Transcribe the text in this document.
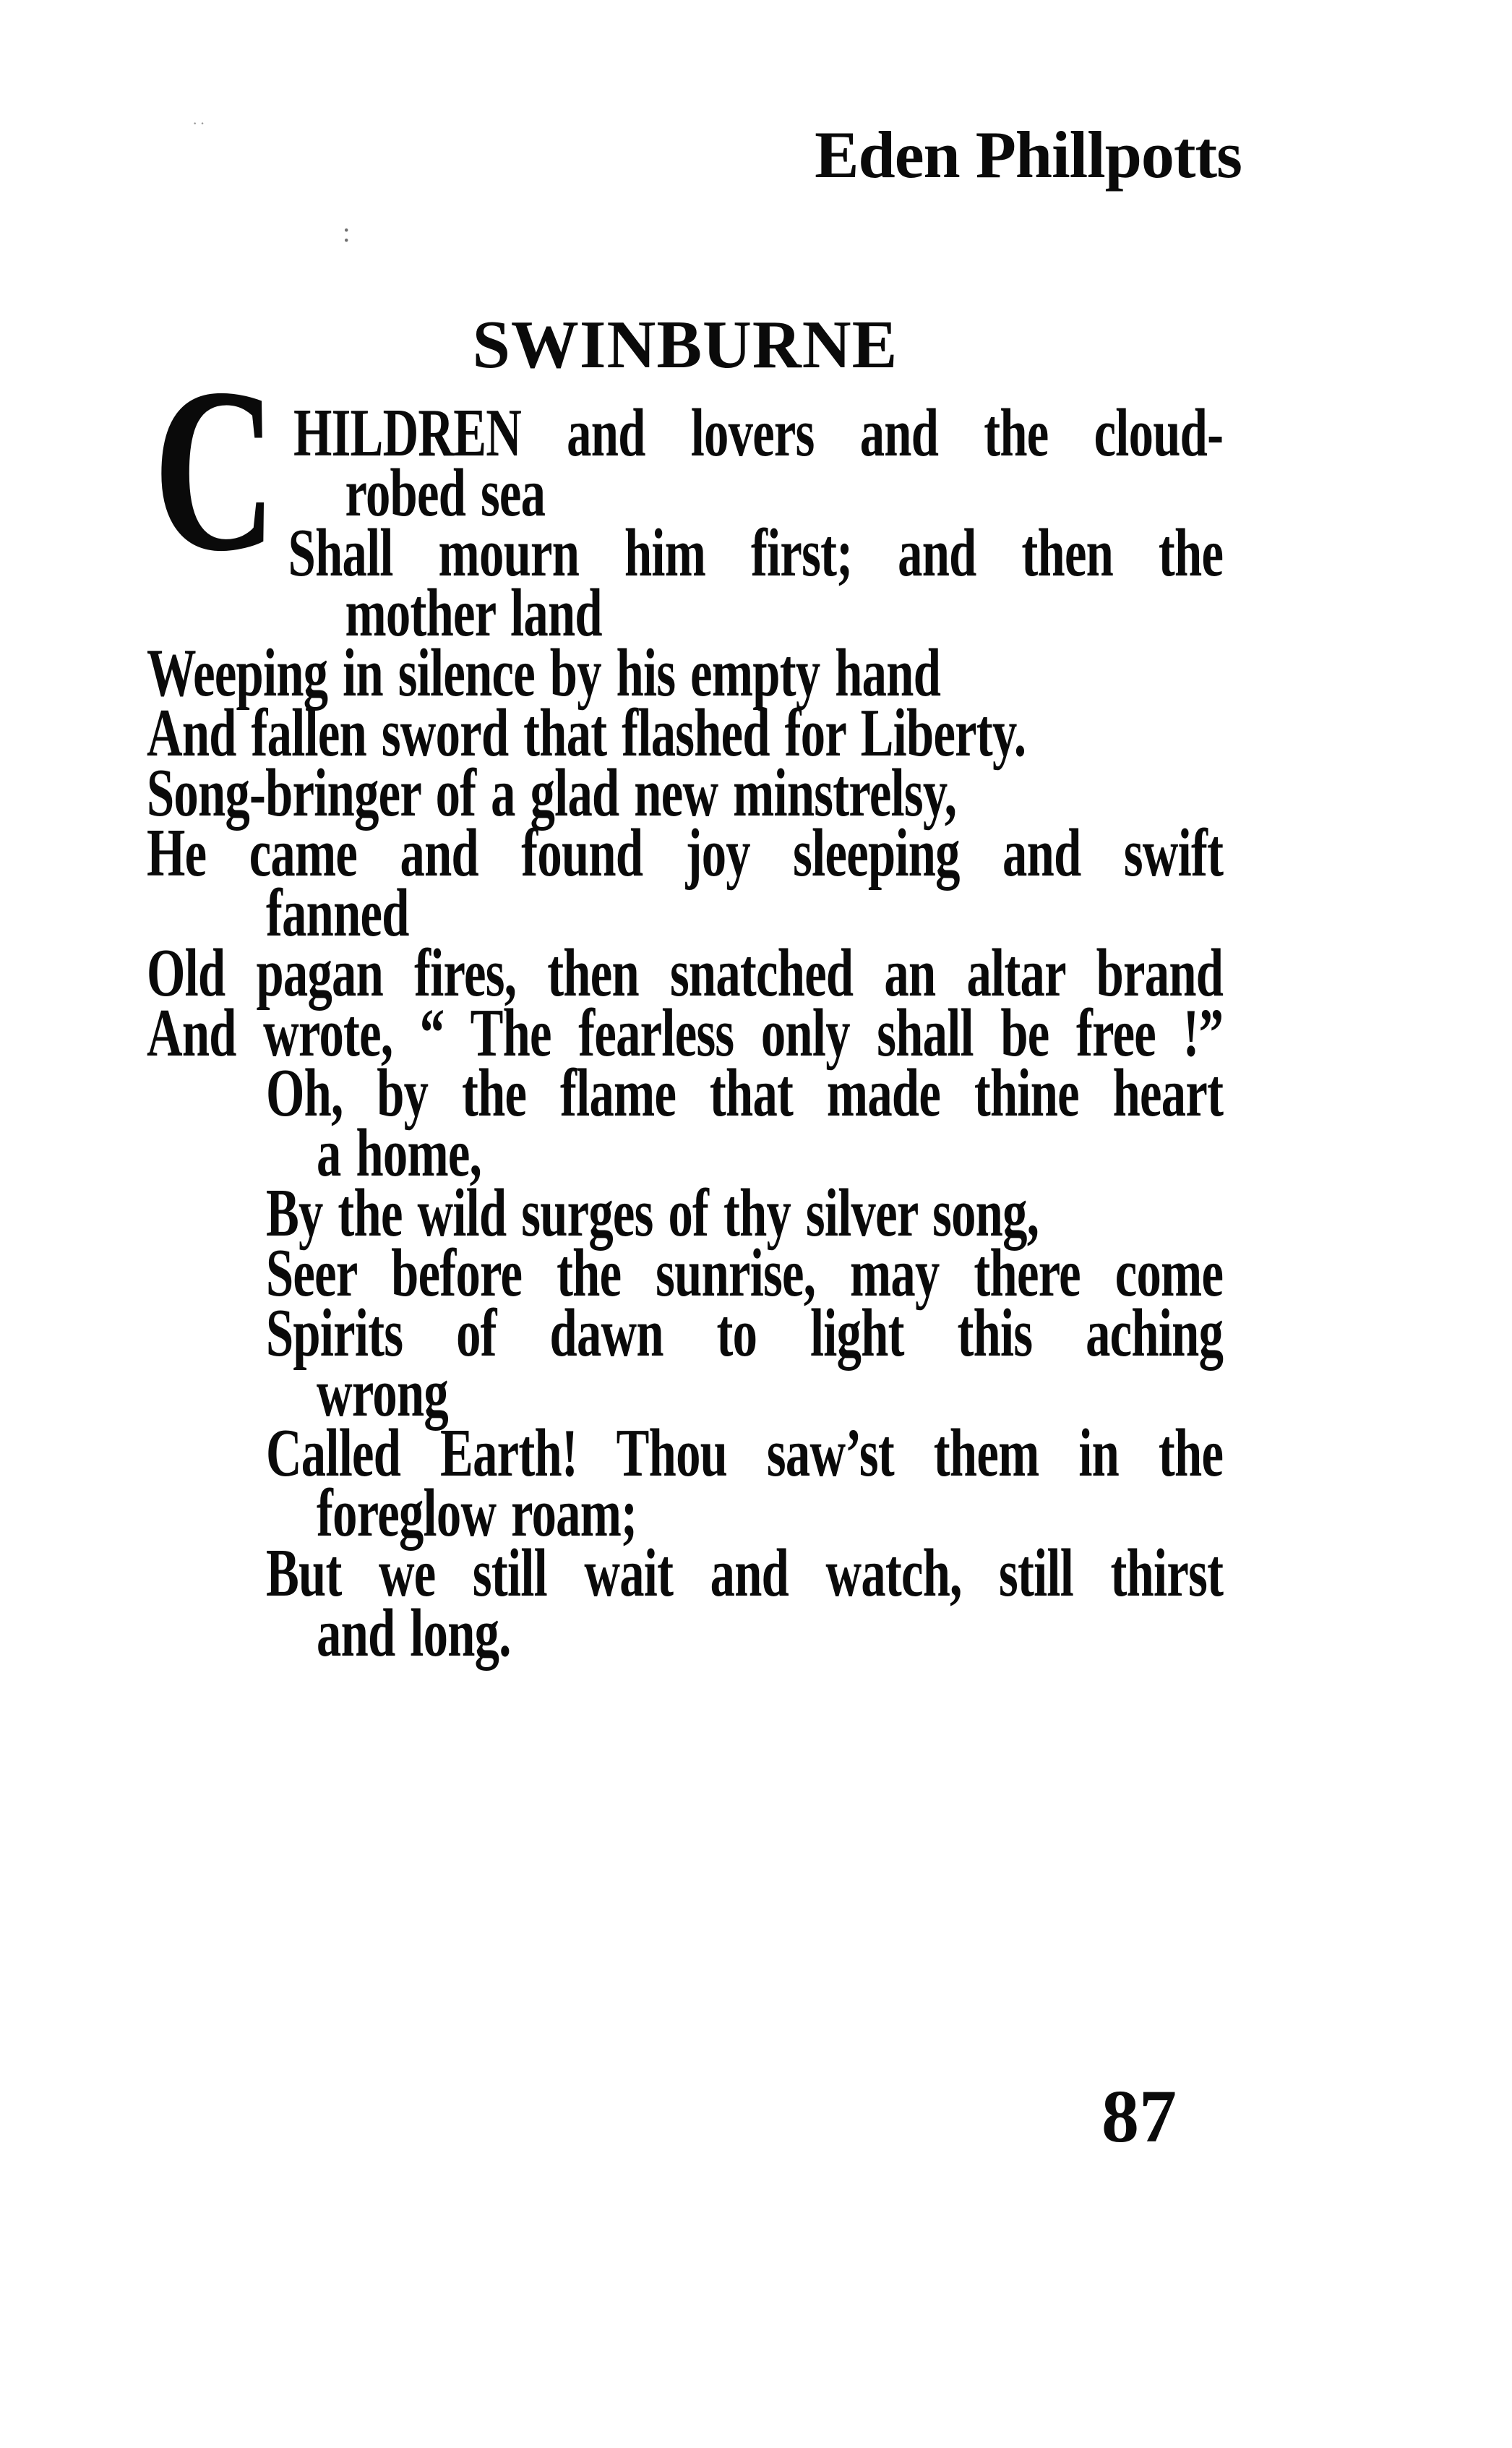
··	Eden Phillpotts
:
SWINBURNE
C HILDREN and lovers and the cloud-
robed sea
Shall mourn him first; and then the
mother land
Weeping in silence by his empty hand
And fallen sword that flashed for Liberty.
Song-bringer of a glad new minstrelsy,
He came and found joy sleeping and swift
fanned
Old pagan fires, then snatched an altar brand
And wrote, “ The fearless only shall be free !”
Oh, by the flame that made thine heart
a home,
By the wild surges of thy silver song,
Seer before the sunrise, may there come
Spirits of dawn to light this aching
wrong
Called Earth! Thou saw’st them in the
foreglow roam;
But we still wait and watch, still thirst
and long.
87
